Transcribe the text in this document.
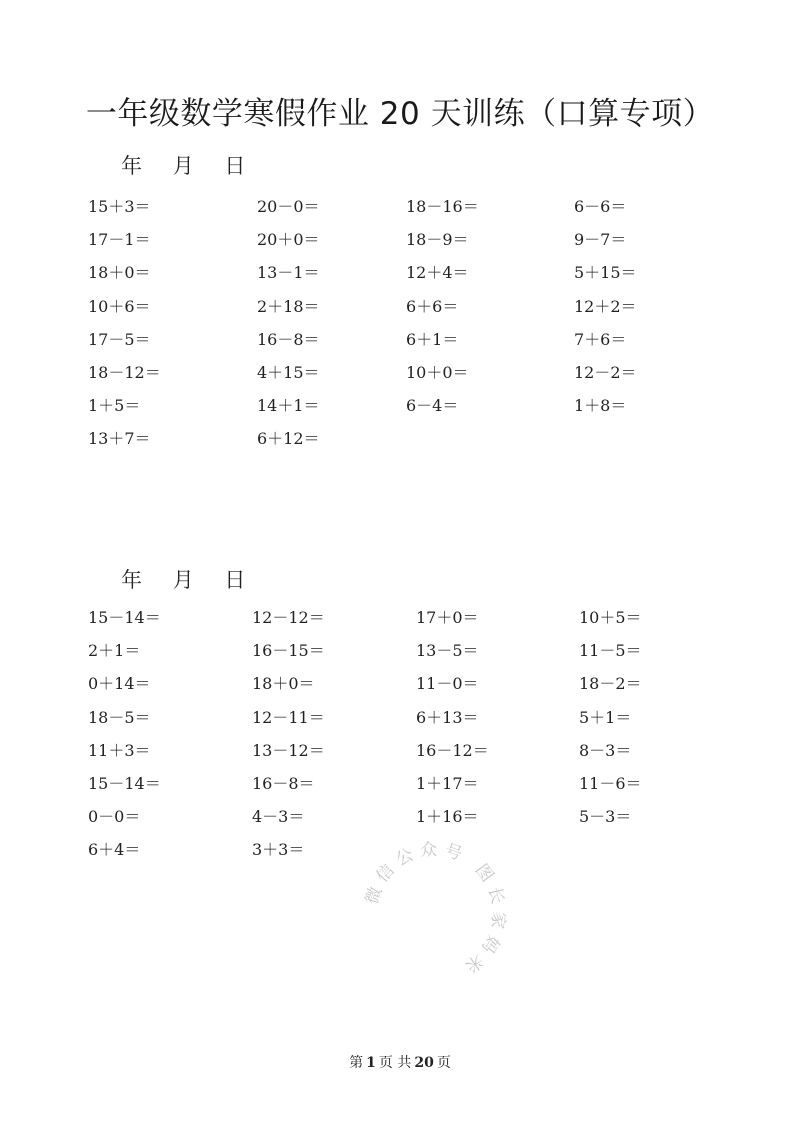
一年级数学寒假作业 20 天训练（口算专项）
年 月 日
年 月 日
15＋3＝
17－1＝
18＋0＝
10＋6＝
17－5＝
18－12＝
1＋5＝
13＋7＝
20－0＝
20＋0＝
13－1＝
2＋18＝
16－8＝
4＋15＝
14＋1＝
6＋12＝
18－16＝
18－9＝
12＋4＝
6＋6＝
6＋1＝
10＋0＝
6－4＝
6－6＝
9－7＝
5＋15＝
12＋2＝
7＋6＝
12－2＝
1＋8＝
15－14＝
2＋1＝
0＋14＝
18－5＝
11＋3＝
15－14＝
0－0＝
6＋4＝
12－12＝
16－15＝
18＋0＝
12－11＝
13－12＝
16－8＝
4－3＝
3＋3＝
17＋0＝
13－5＝
11－0＝
6＋13＝
16－12＝
1＋17＝
1＋16＝
10＋5＝
11－5＝
18－2＝
5＋1＝
8－3＝
11－6＝
5－3＝
微信公众号 图长家妈米
第 1 页 共 20 页
